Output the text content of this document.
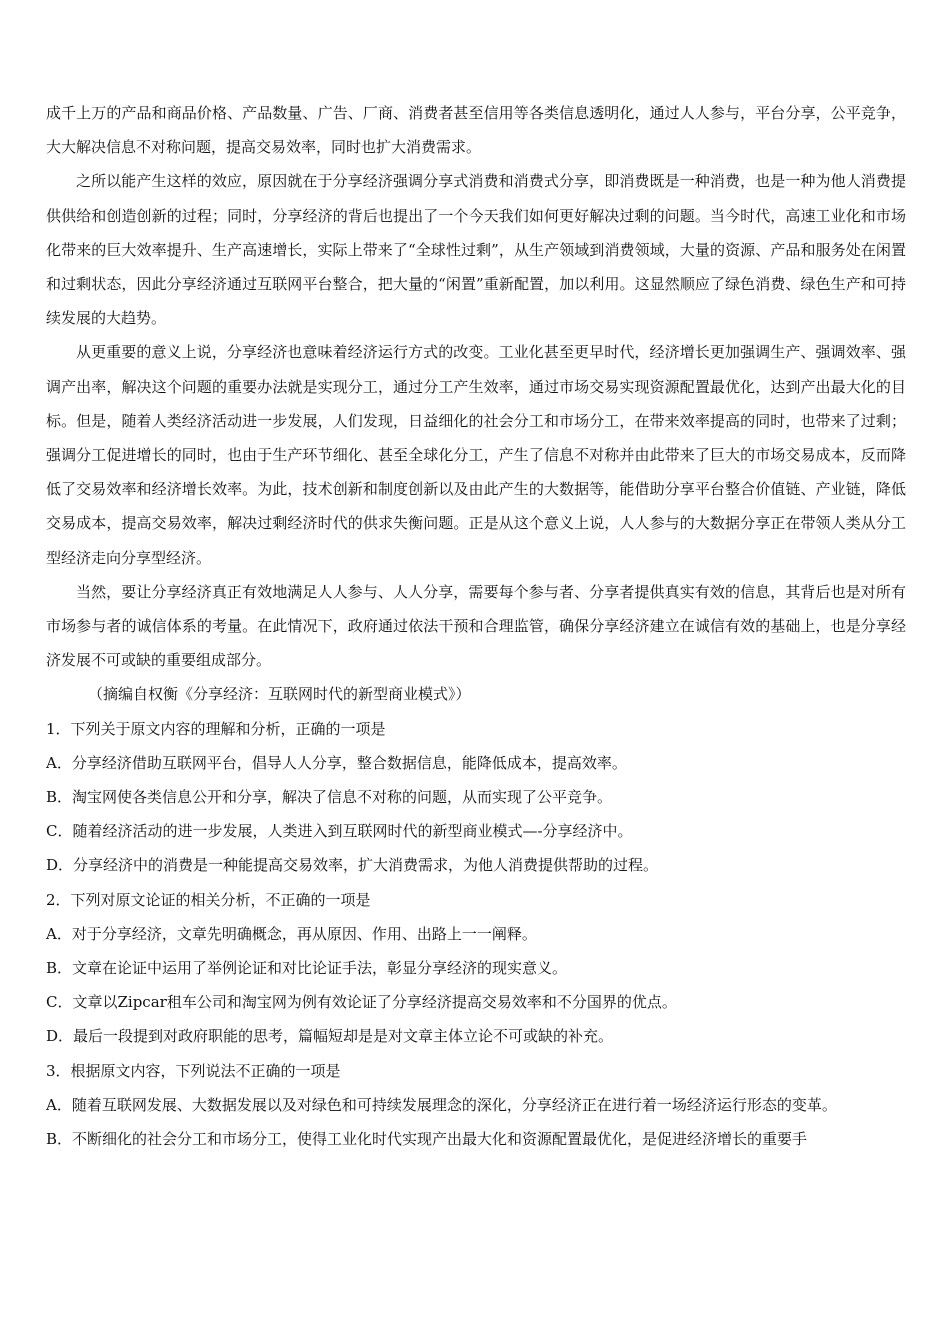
成千上万的产品和商品价格、产品数量、广告、厂商、消费者甚至信用等各类信息透明化，通过人人参与，平台分享，公平竞争，大大解决信息不对称问题，提高交易效率，同时也扩大消费需求。

之所以能产生这样的效应，原因就在于分享经济强调分享式消费和消费式分享，即消费既是一种消费，也是一种为他人消费提供供给和创造创新的过程；同时，分享经济的背后也提出了一个今天我们如何更好解决过剩的问题。当今时代，高速工业化和市场化带来的巨大效率提升、生产高速增长，实际上带来了“全球性过剩”，从生产领域到消费领域，大量的资源、产品和服务处在闲置和过剩状态，因此分享经济通过互联网平台整合，把大量的“闲置”重新配置，加以利用。这显然顺应了绿色消费、绿色生产和可持续发展的大趋势。

从更重要的意义上说，分享经济也意味着经济运行方式的改变。工业化甚至更早时代，经济增长更加强调生产、强调效率、强调产出率，解决这个问题的重要办法就是实现分工，通过分工产生效率，通过市场交易实现资源配置最优化，达到产出最大化的目标。但是，随着人类经济活动进一步发展，人们发现，日益细化的社会分工和市场分工，在带来效率提高的同时，也带来了过剩；强调分工促进增长的同时，也由于生产环节细化、甚至全球化分工，产生了信息不对称并由此带来了巨大的市场交易成本，反而降低了交易效率和经济增长效率。为此，技术创新和制度创新以及由此产生的大数据等，能借助分享平台整合价值链、产业链，降低交易成本，提高交易效率，解决过剩经济时代的供求失衡问题。正是从这个意义上说，人人参与的大数据分享正在带领人类从分工型经济走向分享型经济。

当然，要让分享经济真正有效地满足人人参与、人人分享，需要每个参与者、分享者提供真实有效的信息，其背后也是对所有市场参与者的诚信体系的考量。在此情况下，政府通过依法干预和合理监管，确保分享经济建立在诚信有效的基础上，也是分享经济发展不可或缺的重要组成部分。

（摘编自权衡《分享经济：互联网时代的新型商业模式》）

1．下列关于原文内容的理解和分析，正确的一项是

A．分享经济借助互联网平台，倡导人人分享，整合数据信息，能降低成本，提高效率。

B．淘宝网使各类信息公开和分享，解决了信息不对称的问题，从而实现了公平竞争。

C．随着经济活动的进一步发展，人类进入到互联网时代的新型商业模式—-分享经济中。

D．分享经济中的消费是一种能提高交易效率，扩大消费需求，为他人消费提供帮助的过程。

2．下列对原文论证的相关分析，不正确的一项是

A．对于分享经济，文章先明确概念，再从原因、作用、出路上一一阐释。

B．文章在论证中运用了举例论证和对比论证手法，彰显分享经济的现实意义。

C．文章以Zipcar租车公司和淘宝网为例有效论证了分享经济提高交易效率和不分国界的优点。

D．最后一段提到对政府职能的思考，篇幅短却是是对文章主体立论不可或缺的补充。

3．根据原文内容，下列说法不正确的一项是

A．随着互联网发展、大数据发展以及对绿色和可持续发展理念的深化，分享经济正在进行着一场经济运行形态的变革。

B．不断细化的社会分工和市场分工，使得工业化时代实现产出最大化和资源配置最优化，是促进经济增长的重要手
